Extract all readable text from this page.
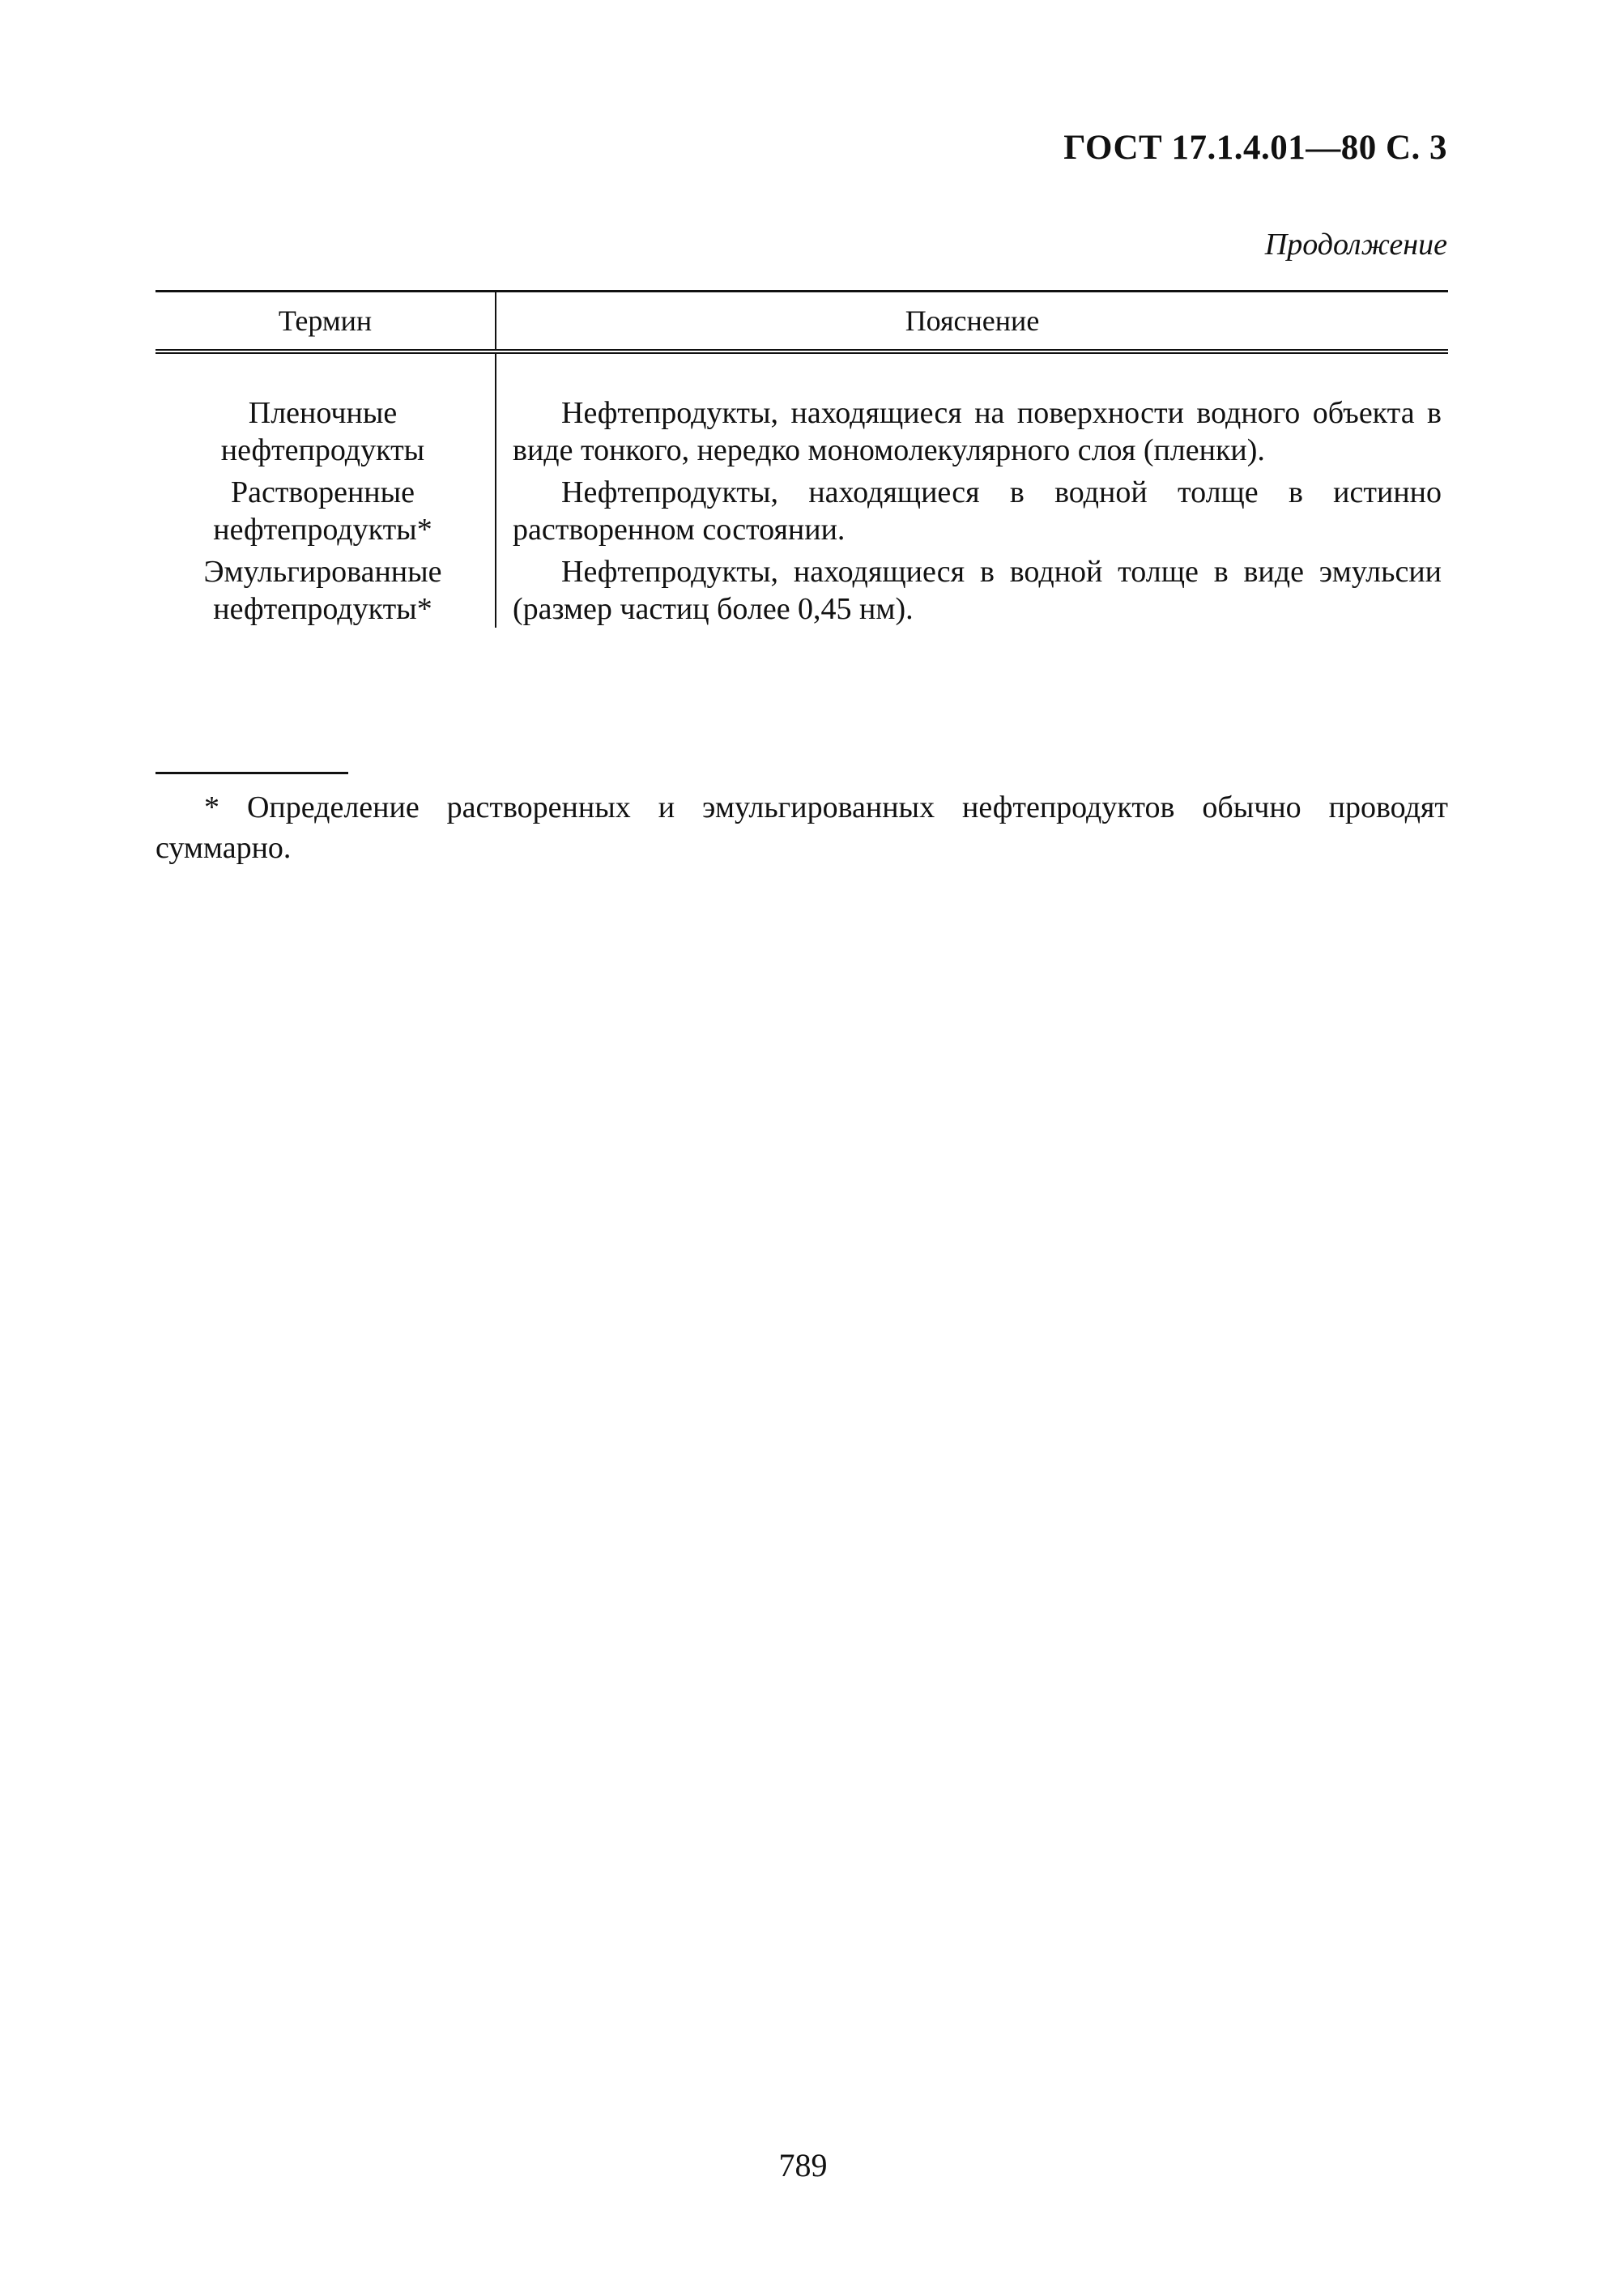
ГОСТ 17.1.4.01—80 С. 3
Продолжение
Термин	Пояснение

Пленочные
нефтепродукты	Нефтепродукты, находящиеся на поверхности водного объекта в виде тонкого, нередко мономолекулярного слоя (пленки).

Растворенные
нефтепродукты*	Нефтепродукты, находящиеся в водной толще в истинно растворенном состоянии.

Эмульгированные
нефтепродукты*	Нефтепродукты, находящиеся в водной толще в виде эмульсии (размер частиц более 0,45 нм).
* Определение растворенных и эмульгированных нефтепродуктов обычно проводят суммарно.
789
